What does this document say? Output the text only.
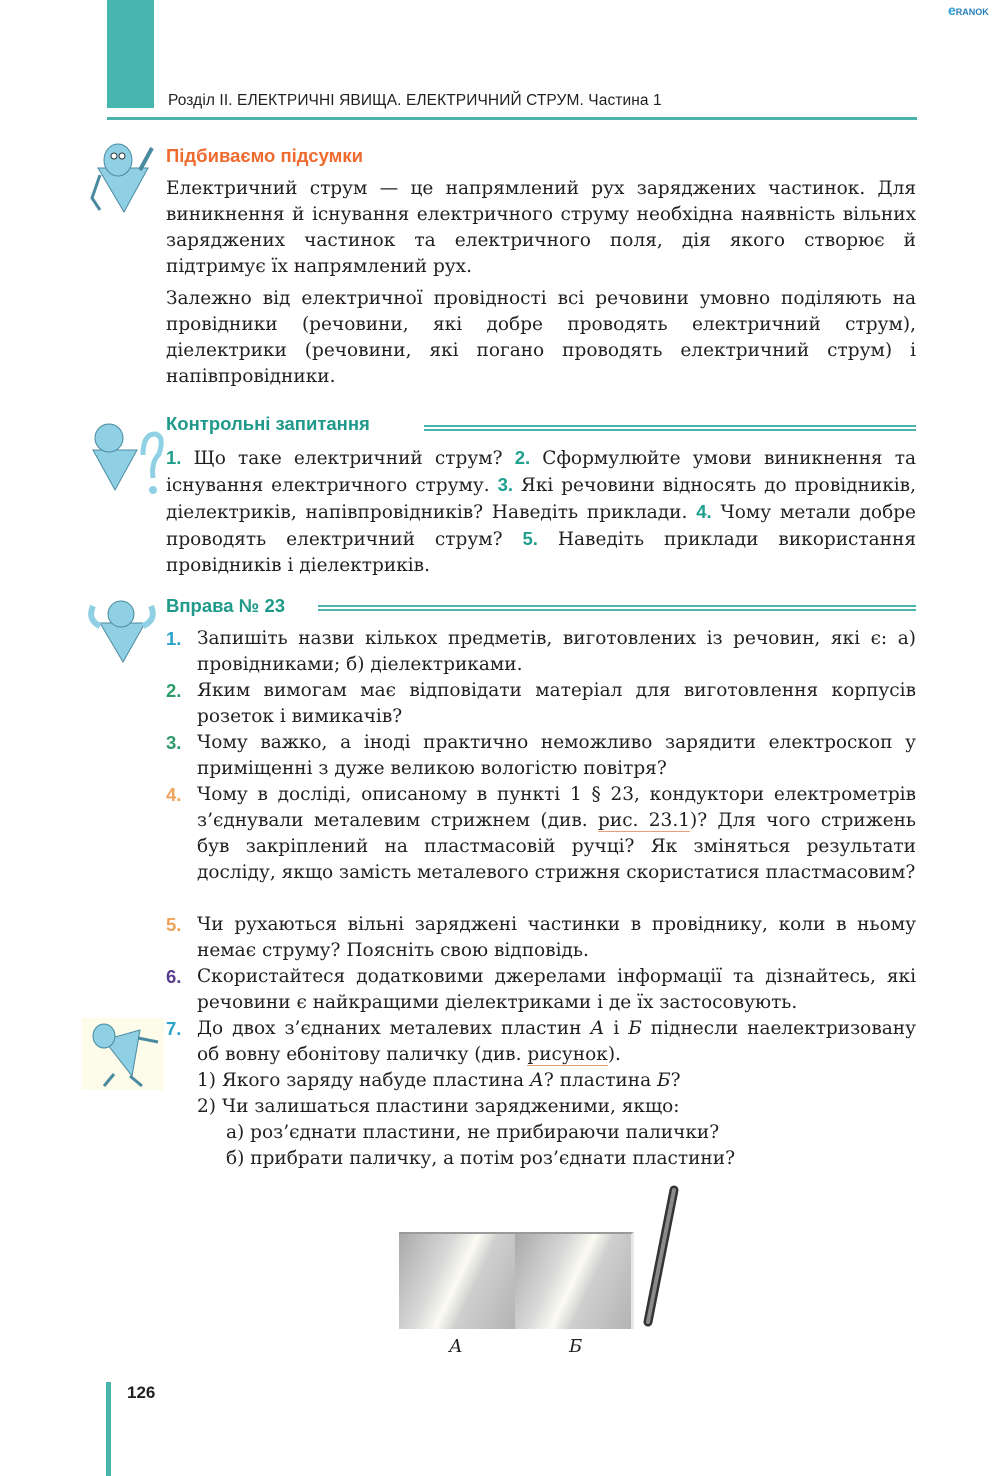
Розділ II. ЕЛЕКТРИЧНІ ЯВИЩА. ЕЛЕКТРИЧНИЙ СТРУМ. Частина 1
eRANOK
Підбиваємо підсумки
Електричний струм — це напрямлений рух заряджених частинок. Для виникнення й існування електричного струму необхідна наявність вільних заряджених частинок та електричного поля, дія якого створює й підтримує їх напрямлений рух.
Залежно від електричної провідності всі речовини умовно поділяють на провідники (речовини, які добре проводять електричний струм), діелектрики (речовини, які погано проводять електричний струм) і напівпровідники.
Контрольні запитання
1. Що таке електричний струм? 2. Сформулюйте умови виникнення та існування електричного струму. 3. Які речовини відносять до провідників, діелектриків, напівпровідників? Наведіть приклади. 4. Чому метали добре проводять електричний струм? 5. Наведіть приклади використання провідників і діелектриків.
Вправа № 23
1. Запишіть назви кількох предметів, виготовлених із речовин, які є: а) провідниками; б) діелектриками.
2. Яким вимогам має відповідати матеріал для виготовлення корпусів розеток і вимикачів?
3. Чому важко, а іноді практично неможливо зарядити електроскоп у приміщенні з дуже великою вологістю повітря?
4. Чому в досліді, описаному в пункті 1 § 23, кондуктори електрометрів з’єднували металевим стрижнем (див. рис. 23.1)? Для чого стрижень був закріплений на пластмасовій ручці? Як зміняться результати досліду, якщо замість металевого стрижня скористатися пластмасовим?
5. Чи рухаються вільні заряджені частинки в провіднику, коли в ньому немає струму? Поясніть свою відповідь.
6. Скористайтеся додатковими джерелами інформації та дізнайтесь, які речовини є найкращими діелектриками і де їх застосовують.
7. До двох з’єднаних металевих пластин А і Б піднесли наелектризовану об вовну ебонітову паличку (див. рисунок).
1) Якого заряду набуде пластина А? пластина Б?
2) Чи залишаться пластини зарядженими, якщо:
а) роз’єднати пластини, не прибираючи палички?
б) прибрати паличку, а потім роз’єднати пластини?
А	Б
126
